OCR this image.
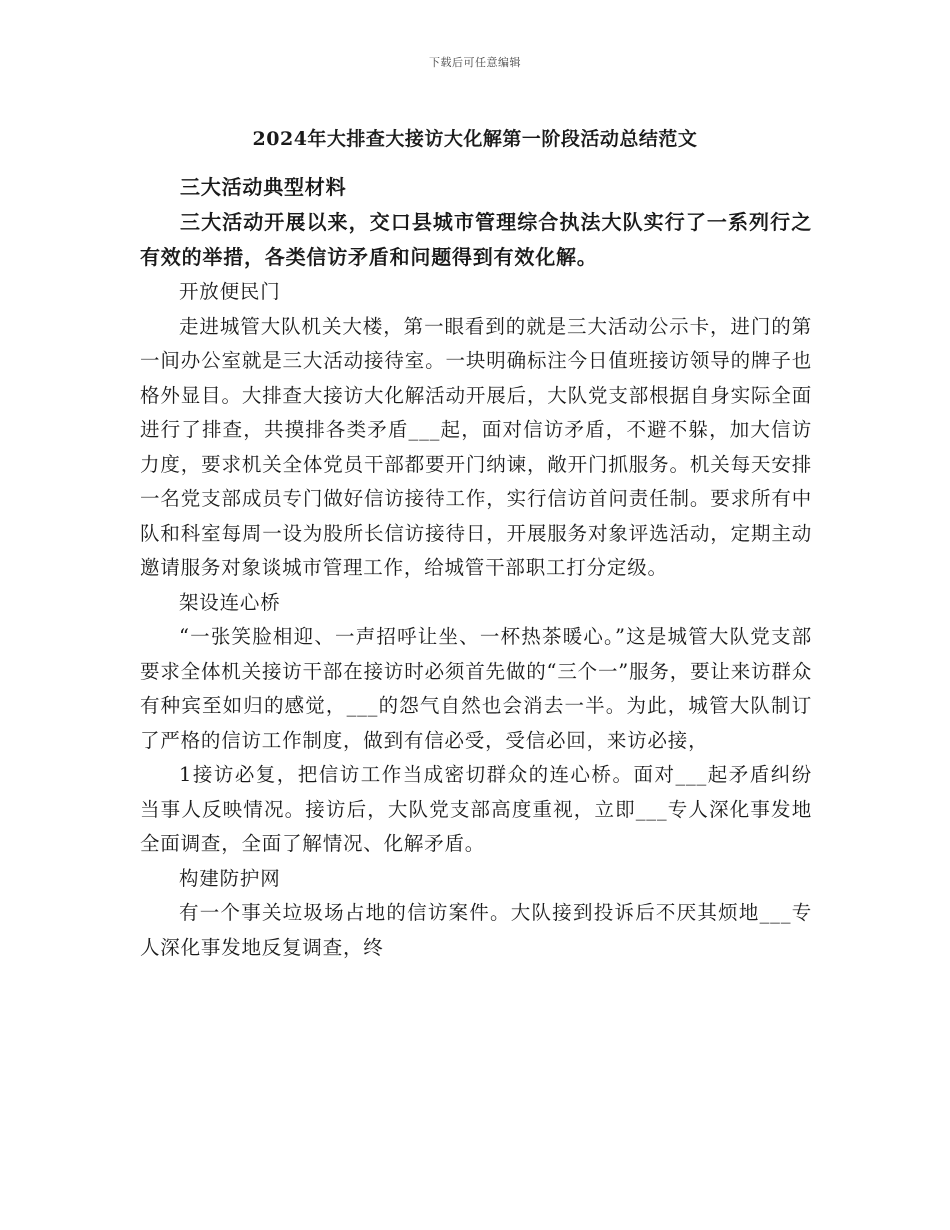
下载后可任意编辑
2024年大排查大接访大化解第一阶段活动总结范文

三大活动典型材料

三大活动开展以来，交口县城市管理综合执法大队实行了一系列行之有效的举措，各类信访矛盾和问题得到有效化解。

开放便民门

走进城管大队机关大楼，第一眼看到的就是三大活动公示卡，进门的第一间办公室就是三大活动接待室。一块明确标注今日值班接访领导的牌子也格外显目。大排查大接访大化解活动开展后，大队党支部根据自身实际全面进行了排查，共摸排各类矛盾___起，面对信访矛盾，不避不躲，加大信访力度，要求机关全体党员干部都要开门纳谏，敞开门抓服务。机关每天安排一名党支部成员专门做好信访接待工作，实行信访首问责任制。要求所有中队和科室每周一设为股所长信访接待日，开展服务对象评选活动，定期主动邀请服务对象谈城市管理工作，给城管干部职工打分定级。

架设连心桥

“一张笑脸相迎、一声招呼让坐、一杯热茶暖心。”这是城管大队党支部要求全体机关接访干部在接访时必须首先做的“三个一”服务，要让来访群众有种宾至如归的感觉，___的怨气自然也会消去一半。为此，城管大队制订了严格的信访工作制度，做到有信必受，受信必回，来访必接，

1接访必复，把信访工作当成密切群众的连心桥。面对___起矛盾纠纷当事人反映情况。接访后，大队党支部高度重视，立即___专人深化事发地全面调查，全面了解情况、化解矛盾。

构建防护网

有一个事关垃圾场占地的信访案件。大队接到投诉后不厌其烦地___专人深化事发地反复调查，终
